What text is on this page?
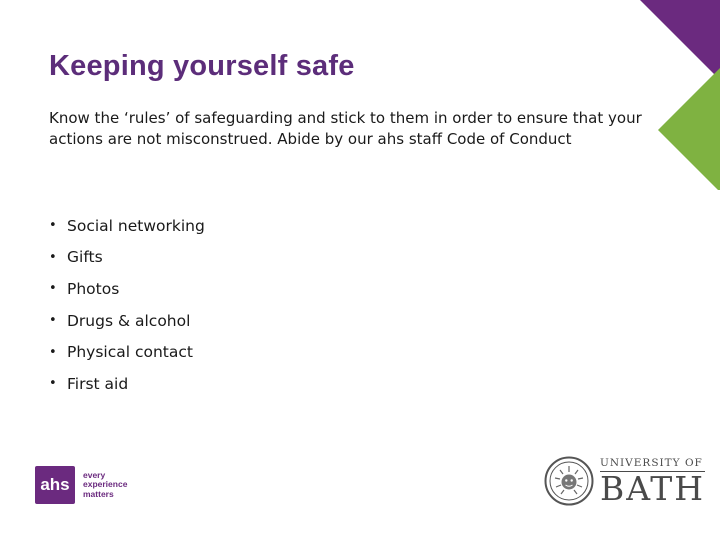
Keeping yourself safe

Know the ‘rules’ of safeguarding and stick to them in order to ensure that your actions are not misconstrued. Abide by our ahs staff Code of Conduct

• Social networking
• Gifts
• Photos
• Drugs & alcohol
• Physical contact
• First aid
ahs
every
experience
matters
UNIVERSITY OF
BATH
